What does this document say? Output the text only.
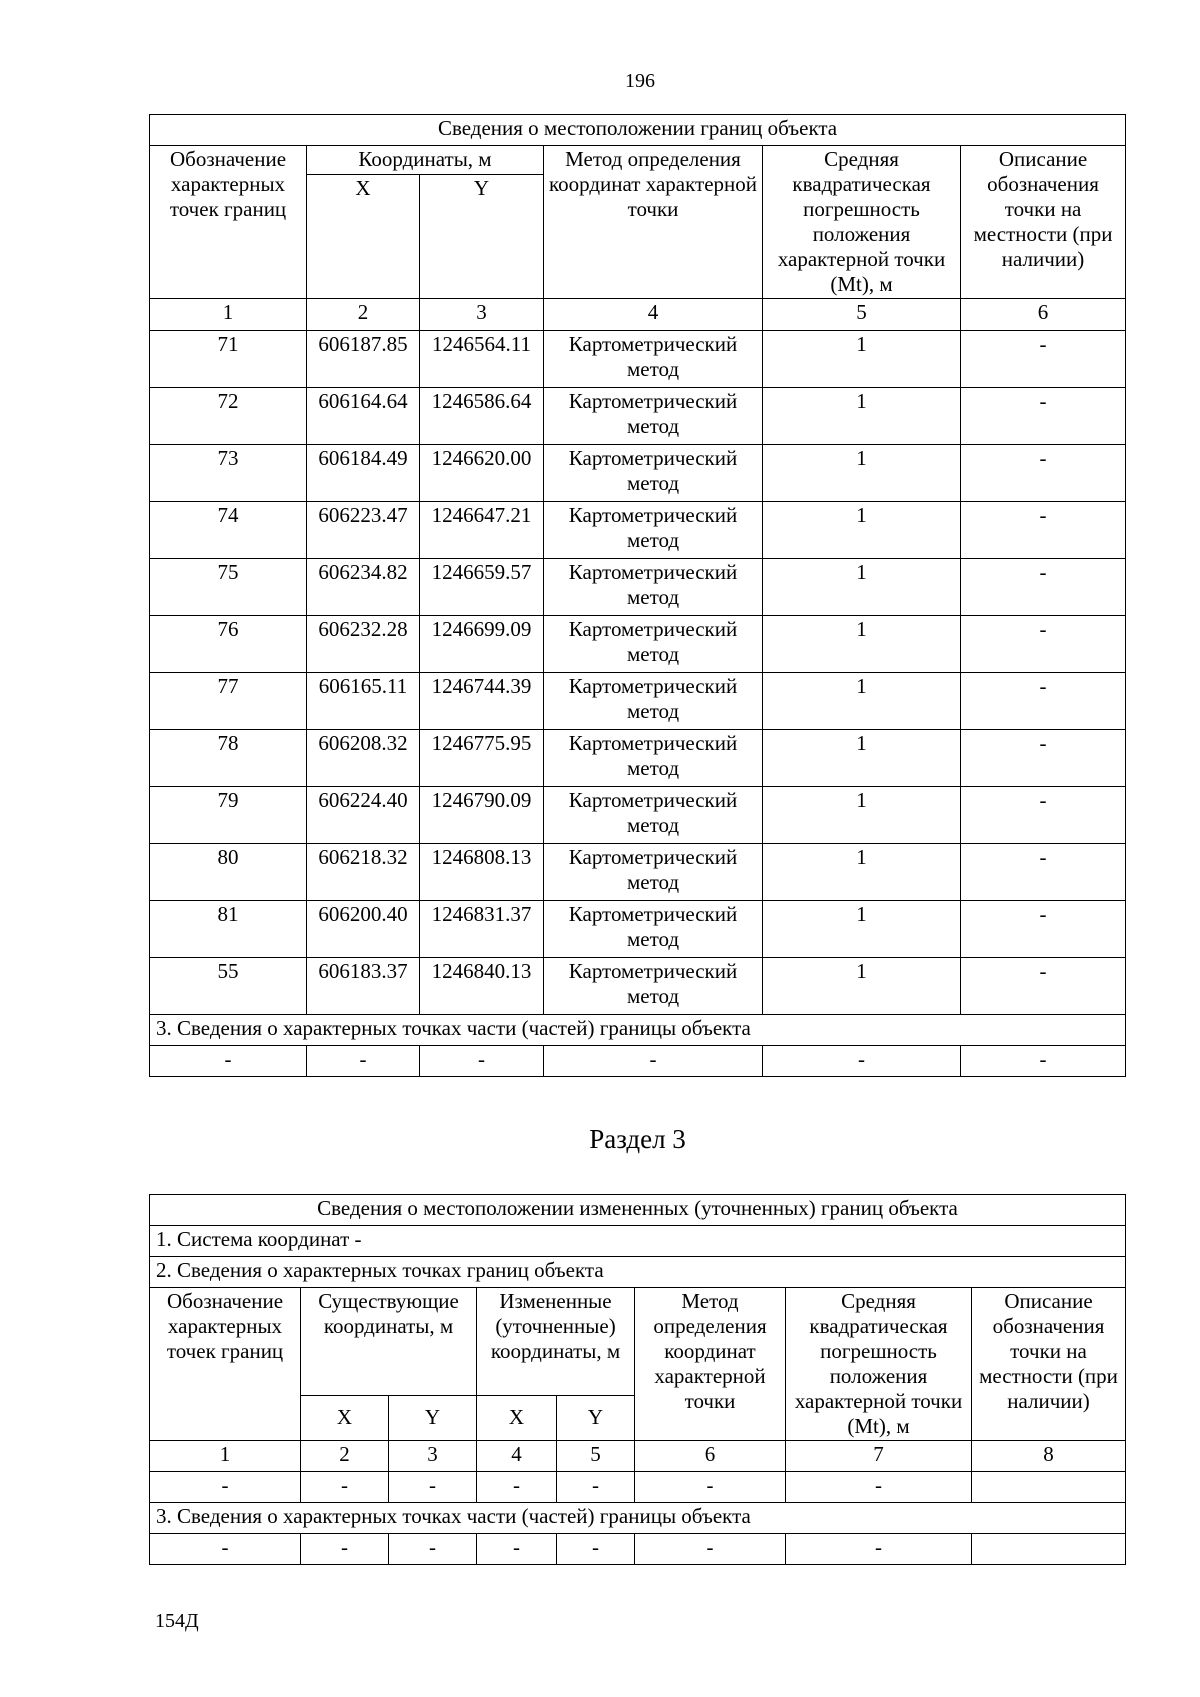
196
Сведения о местоположении границ объекта					
Обозначение характерных точек границ	Координаты, м		Метод определения координат характерной точки	Средняя квадратическая погрешность положения характерной точки (Mt), м	Описание обозначения точки на местности (при наличии)
	X	Y			
1	2	3	4	5	6
71	606187.85	1246564.11	Картометрический метод	1	-
72	606164.64	1246586.64	Картометрический метод	1	-
73	606184.49	1246620.00	Картометрический метод	1	-
74	606223.47	1246647.21	Картометрический метод	1	-
75	606234.82	1246659.57	Картометрический метод	1	-
76	606232.28	1246699.09	Картометрический метод	1	-
77	606165.11	1246744.39	Картометрический метод	1	-
78	606208.32	1246775.95	Картометрический метод	1	-
79	606224.40	1246790.09	Картометрический метод	1	-
80	606218.32	1246808.13	Картометрический метод	1	-
81	606200.40	1246831.37	Картометрический метод	1	-
55	606183.37	1246840.13	Картометрический метод	1	-
3. Сведения о характерных точках части (частей) границы объекта					
-	-	-	-	-	-
Раздел 3
Сведения о местоположении измененных (уточненных) границ объекта							
1. Система координат -							
2. Сведения о характерных точках границ объекта							
Обозначение характерных точек границ	Существующие координаты, м		Измененные (уточненные) координаты, м		Метод определения координат характерной точки	Средняя квадратическая погрешность положения характерной точки (Mt), м	Описание обозначения точки на местности (при наличии)
	X	Y	X	Y			
1	2	3	4	5	6	7	8
-	-	-	-	-	-	-	
3. Сведения о характерных точках части (частей) границы объекта							
-	-	-	-	-	-	-	
154Д
